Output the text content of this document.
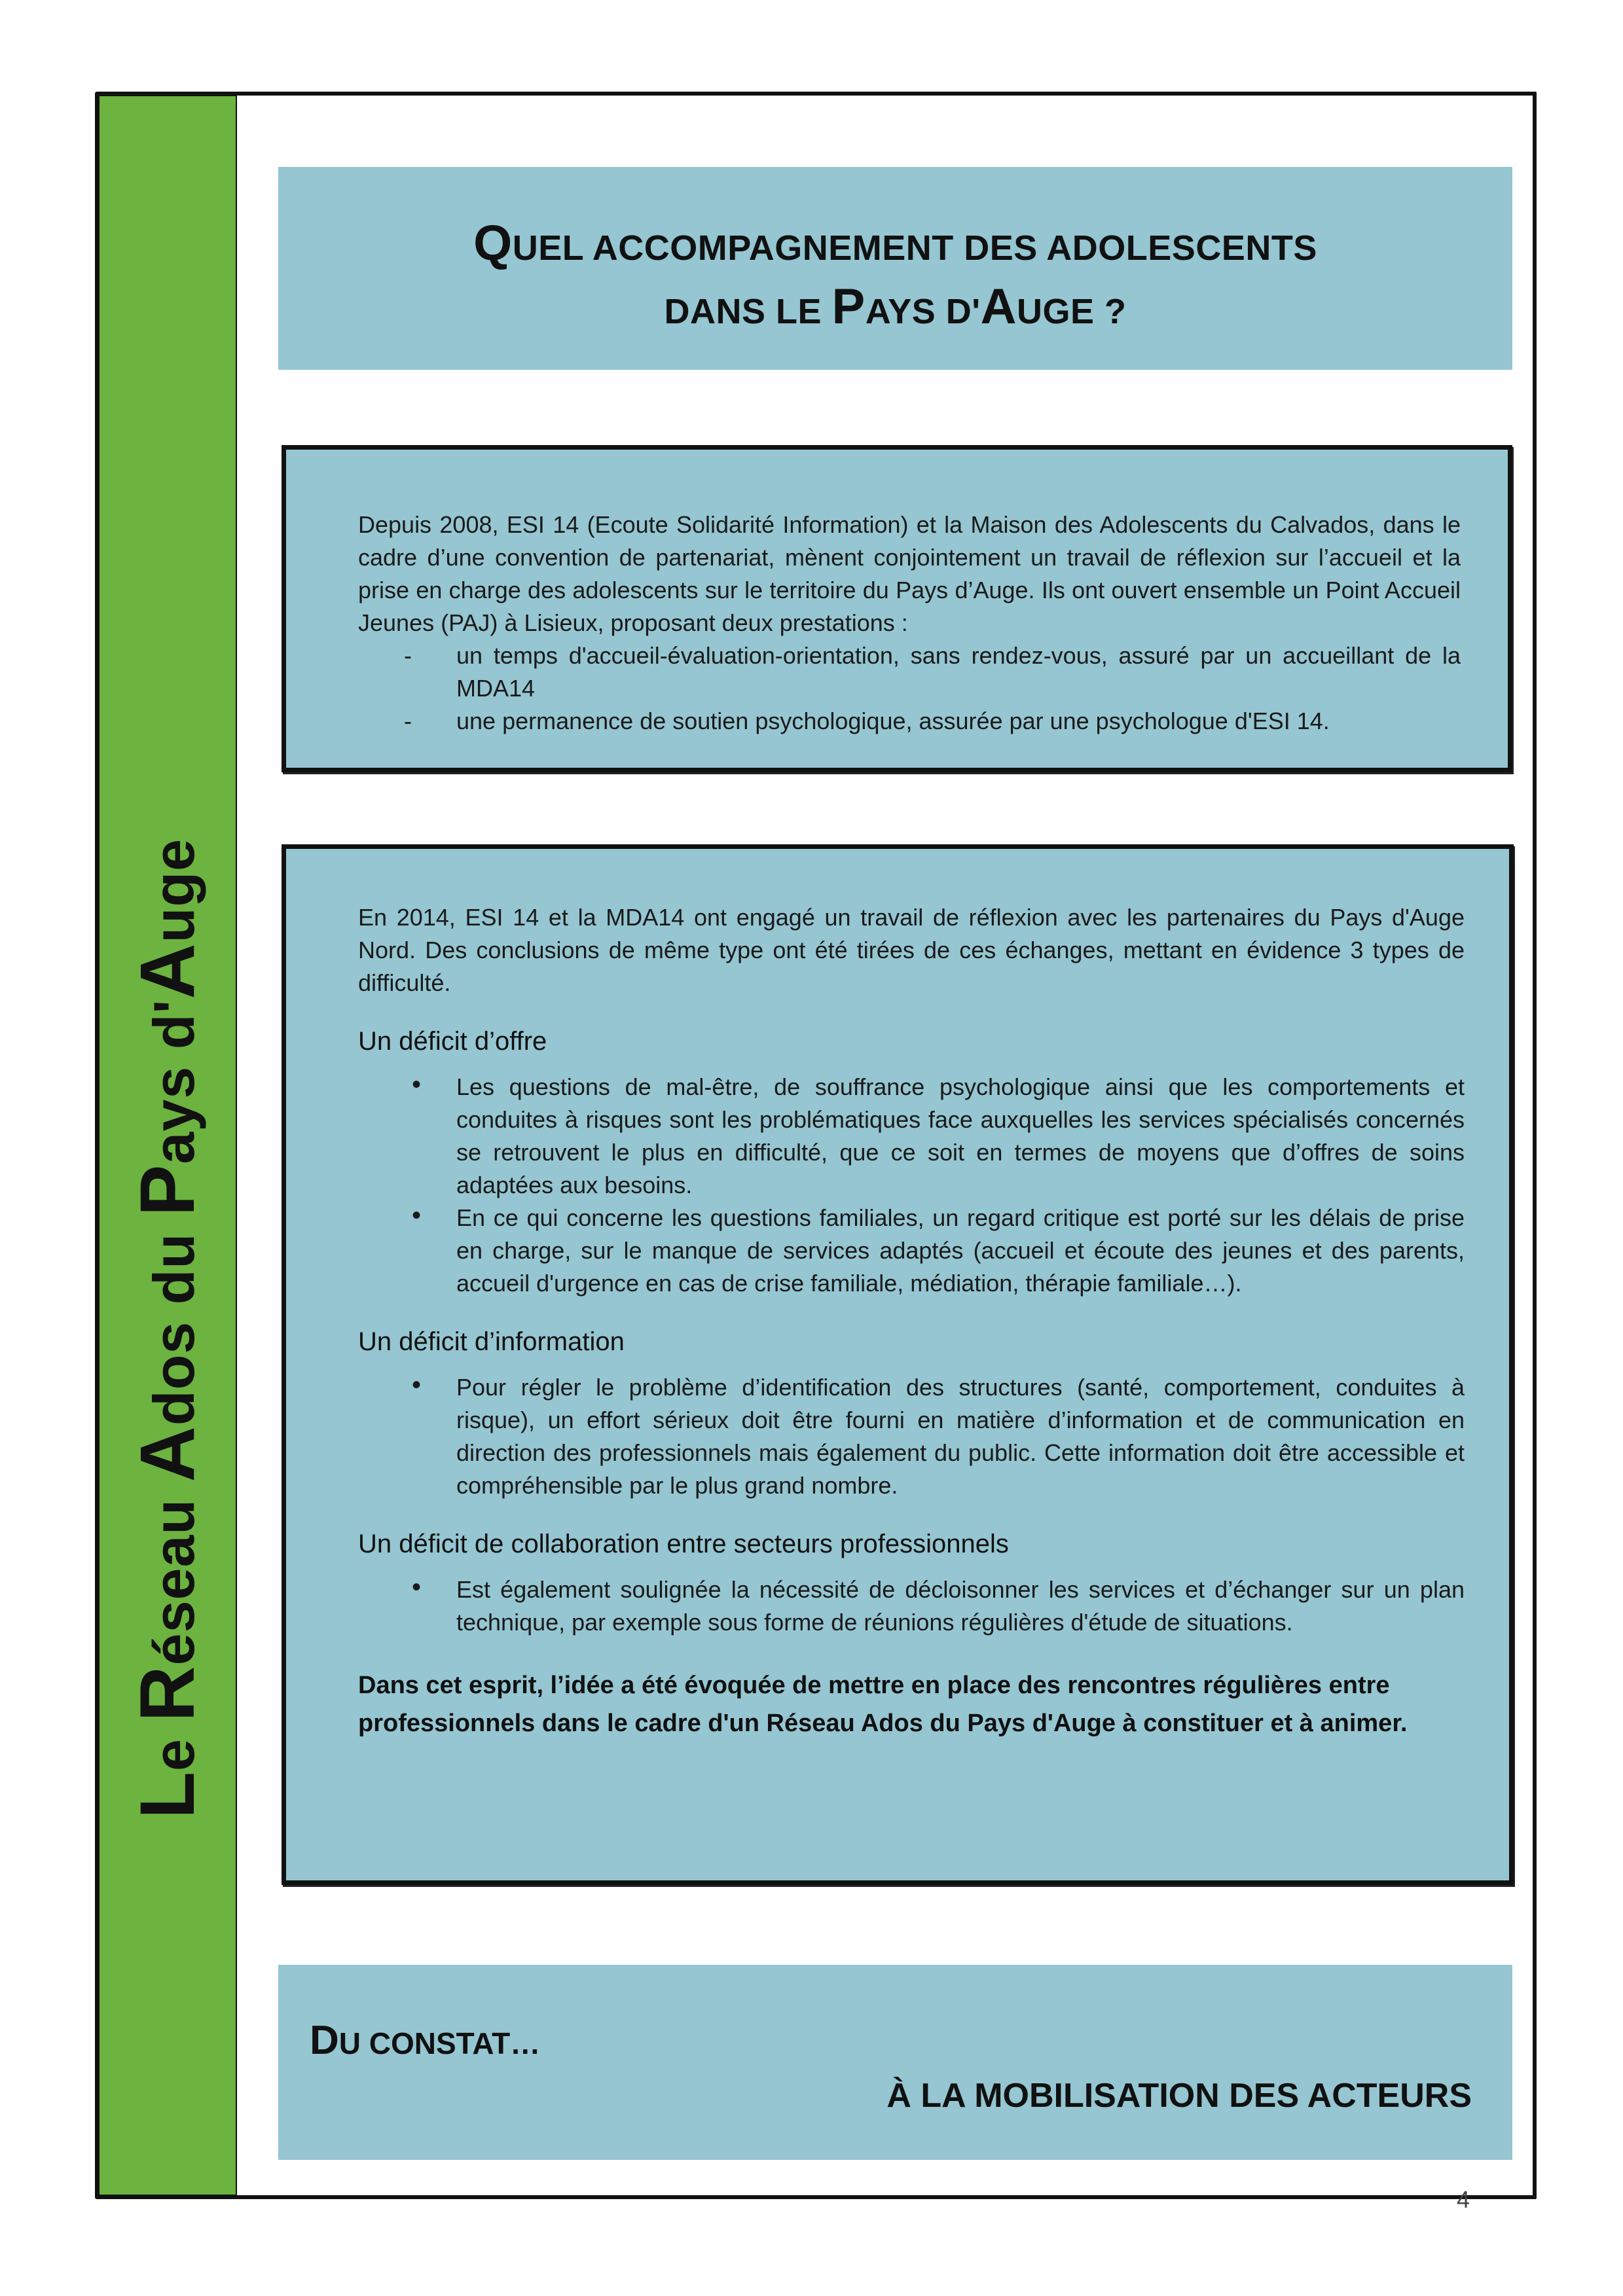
Le Réseau Ados du Pays d'Auge
QUEL ACCOMPAGNEMENT DES ADOLESCENTS
DANS LE PAYS D'AUGE ?

Depuis 2008, ESI 14 (Ecoute Solidarité Information) et la Maison des Adolescents du Calvados, dans le cadre d’une convention de partenariat, mènent conjointement un travail de réflexion sur l’accueil et la prise en charge des adolescents sur le territoire du Pays d’Auge. Ils ont ouvert ensemble un Point Accueil Jeunes (PAJ) à Lisieux, proposant deux prestations :

- un temps d'accueil-évaluation-orientation, sans rendez-vous, assuré par un accueillant de la MDA14
- une permanence de soutien psychologique, assurée par une psychologue d'ESI 14.

En 2014, ESI 14 et la MDA14 ont engagé un travail de réflexion avec les partenaires du Pays d'Auge Nord. Des conclusions de même type ont été tirées de ces échanges, mettant en évidence 3 types de difficulté.

Un déficit d’offre
• Les questions de mal-être, de souffrance psychologique ainsi que les comportements et conduites à risques sont les problématiques face auxquelles les services spécialisés concernés se retrouvent le plus en difficulté, que ce soit en termes de moyens que d’offres de soins adaptées aux besoins.
• En ce qui concerne les questions familiales, un regard critique est porté sur les délais de prise en charge, sur le manque de services adaptés (accueil et écoute des jeunes et des parents, accueil d'urgence en cas de crise familiale, médiation, thérapie familiale…).
Un déficit d’information
• Pour régler le problème d’identification des structures (santé, comportement, conduites à risque), un effort sérieux doit être fourni en matière d’information et de communication en direction des professionnels mais également du public. Cette information doit être accessible et compréhensible par le plus grand nombre.
Un déficit de collaboration entre secteurs professionnels
• Est également soulignée la nécessité de décloisonner les services et d’échanger sur un plan technique, par exemple sous forme de réunions régulières d'étude de situations.

Dans cet esprit, l’idée a été évoquée de mettre en place des rencontres régulières entre professionnels dans le cadre d'un Réseau Ados du Pays d'Auge à constituer et à animer.

DU CONSTAT…
À LA MOBILISATION DES ACTEURS
4
